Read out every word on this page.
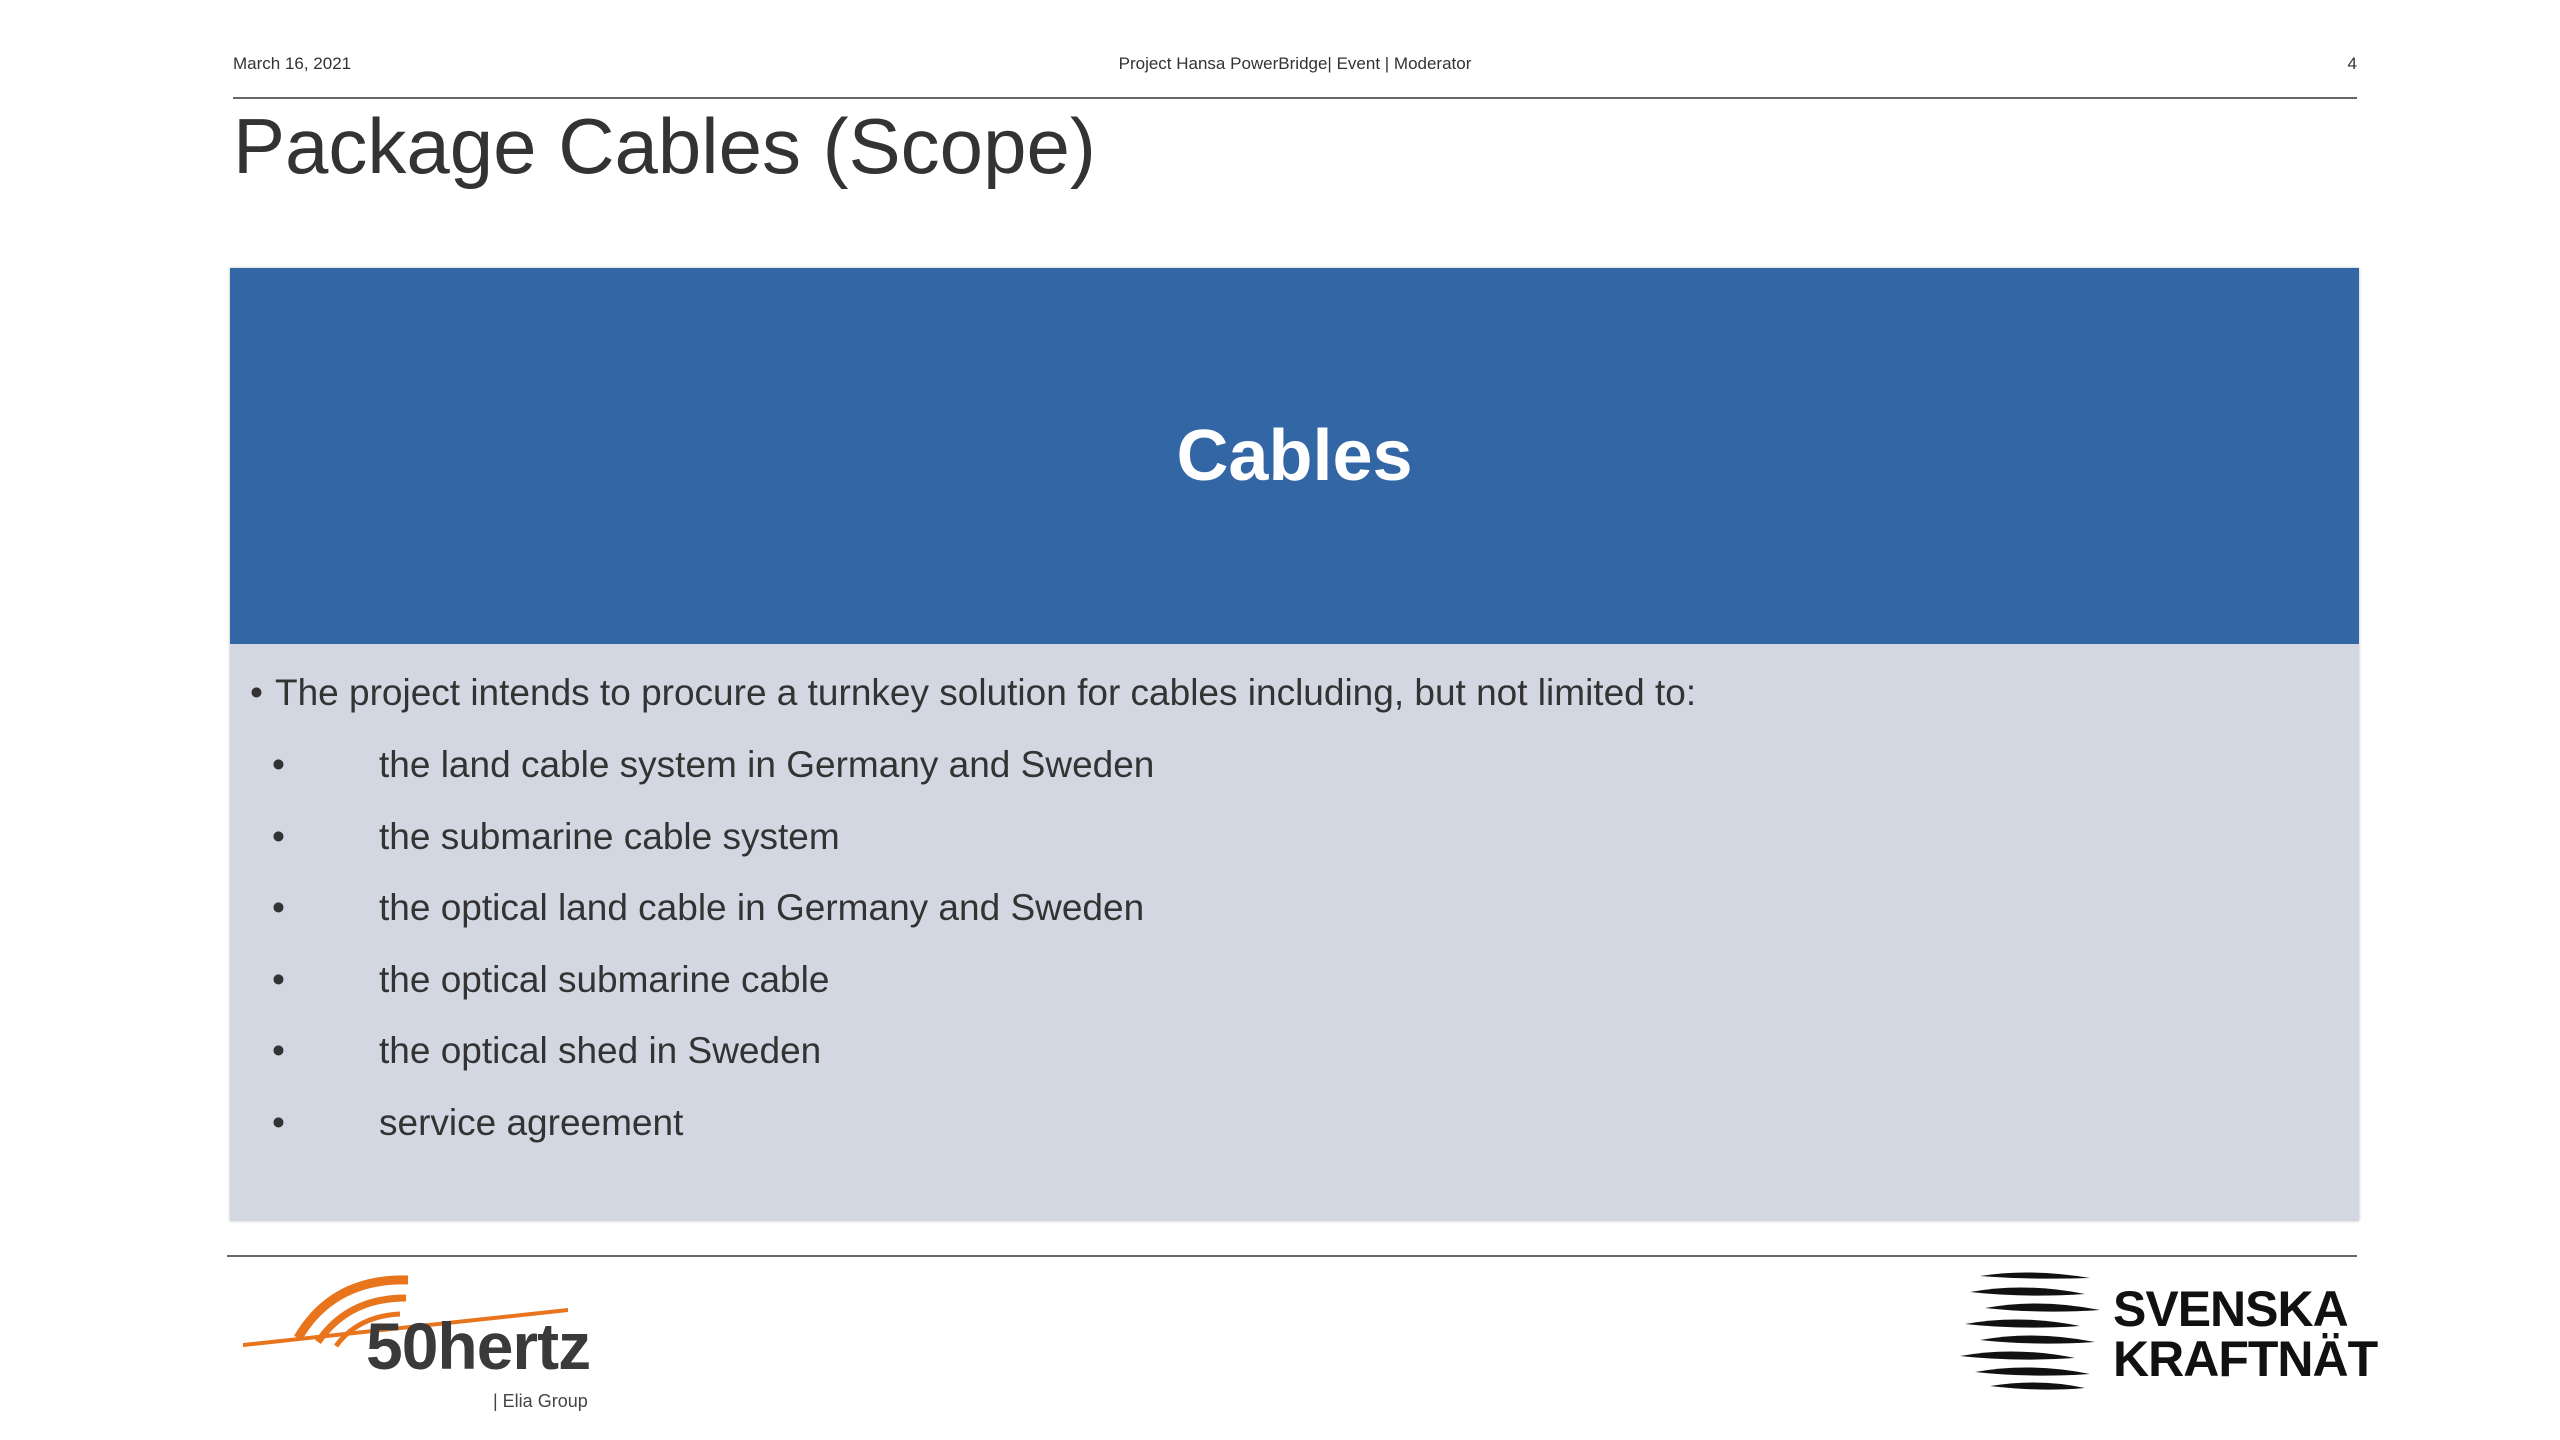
March 16, 2021	Project Hansa PowerBridge| Event | Moderator	4
Package Cables (Scope)
Cables
• The project intends to procure a turnkey solution for cables including, but not limited to:
•	the land cable system in Germany and Sweden
•	the submarine cable system
•	the optical land cable in Germany and Sweden
•	the optical submarine cable
•	the optical shed in Sweden
•	service agreement
50hertz
| Elia Group
SVENSKA
KRAFTNÄT
